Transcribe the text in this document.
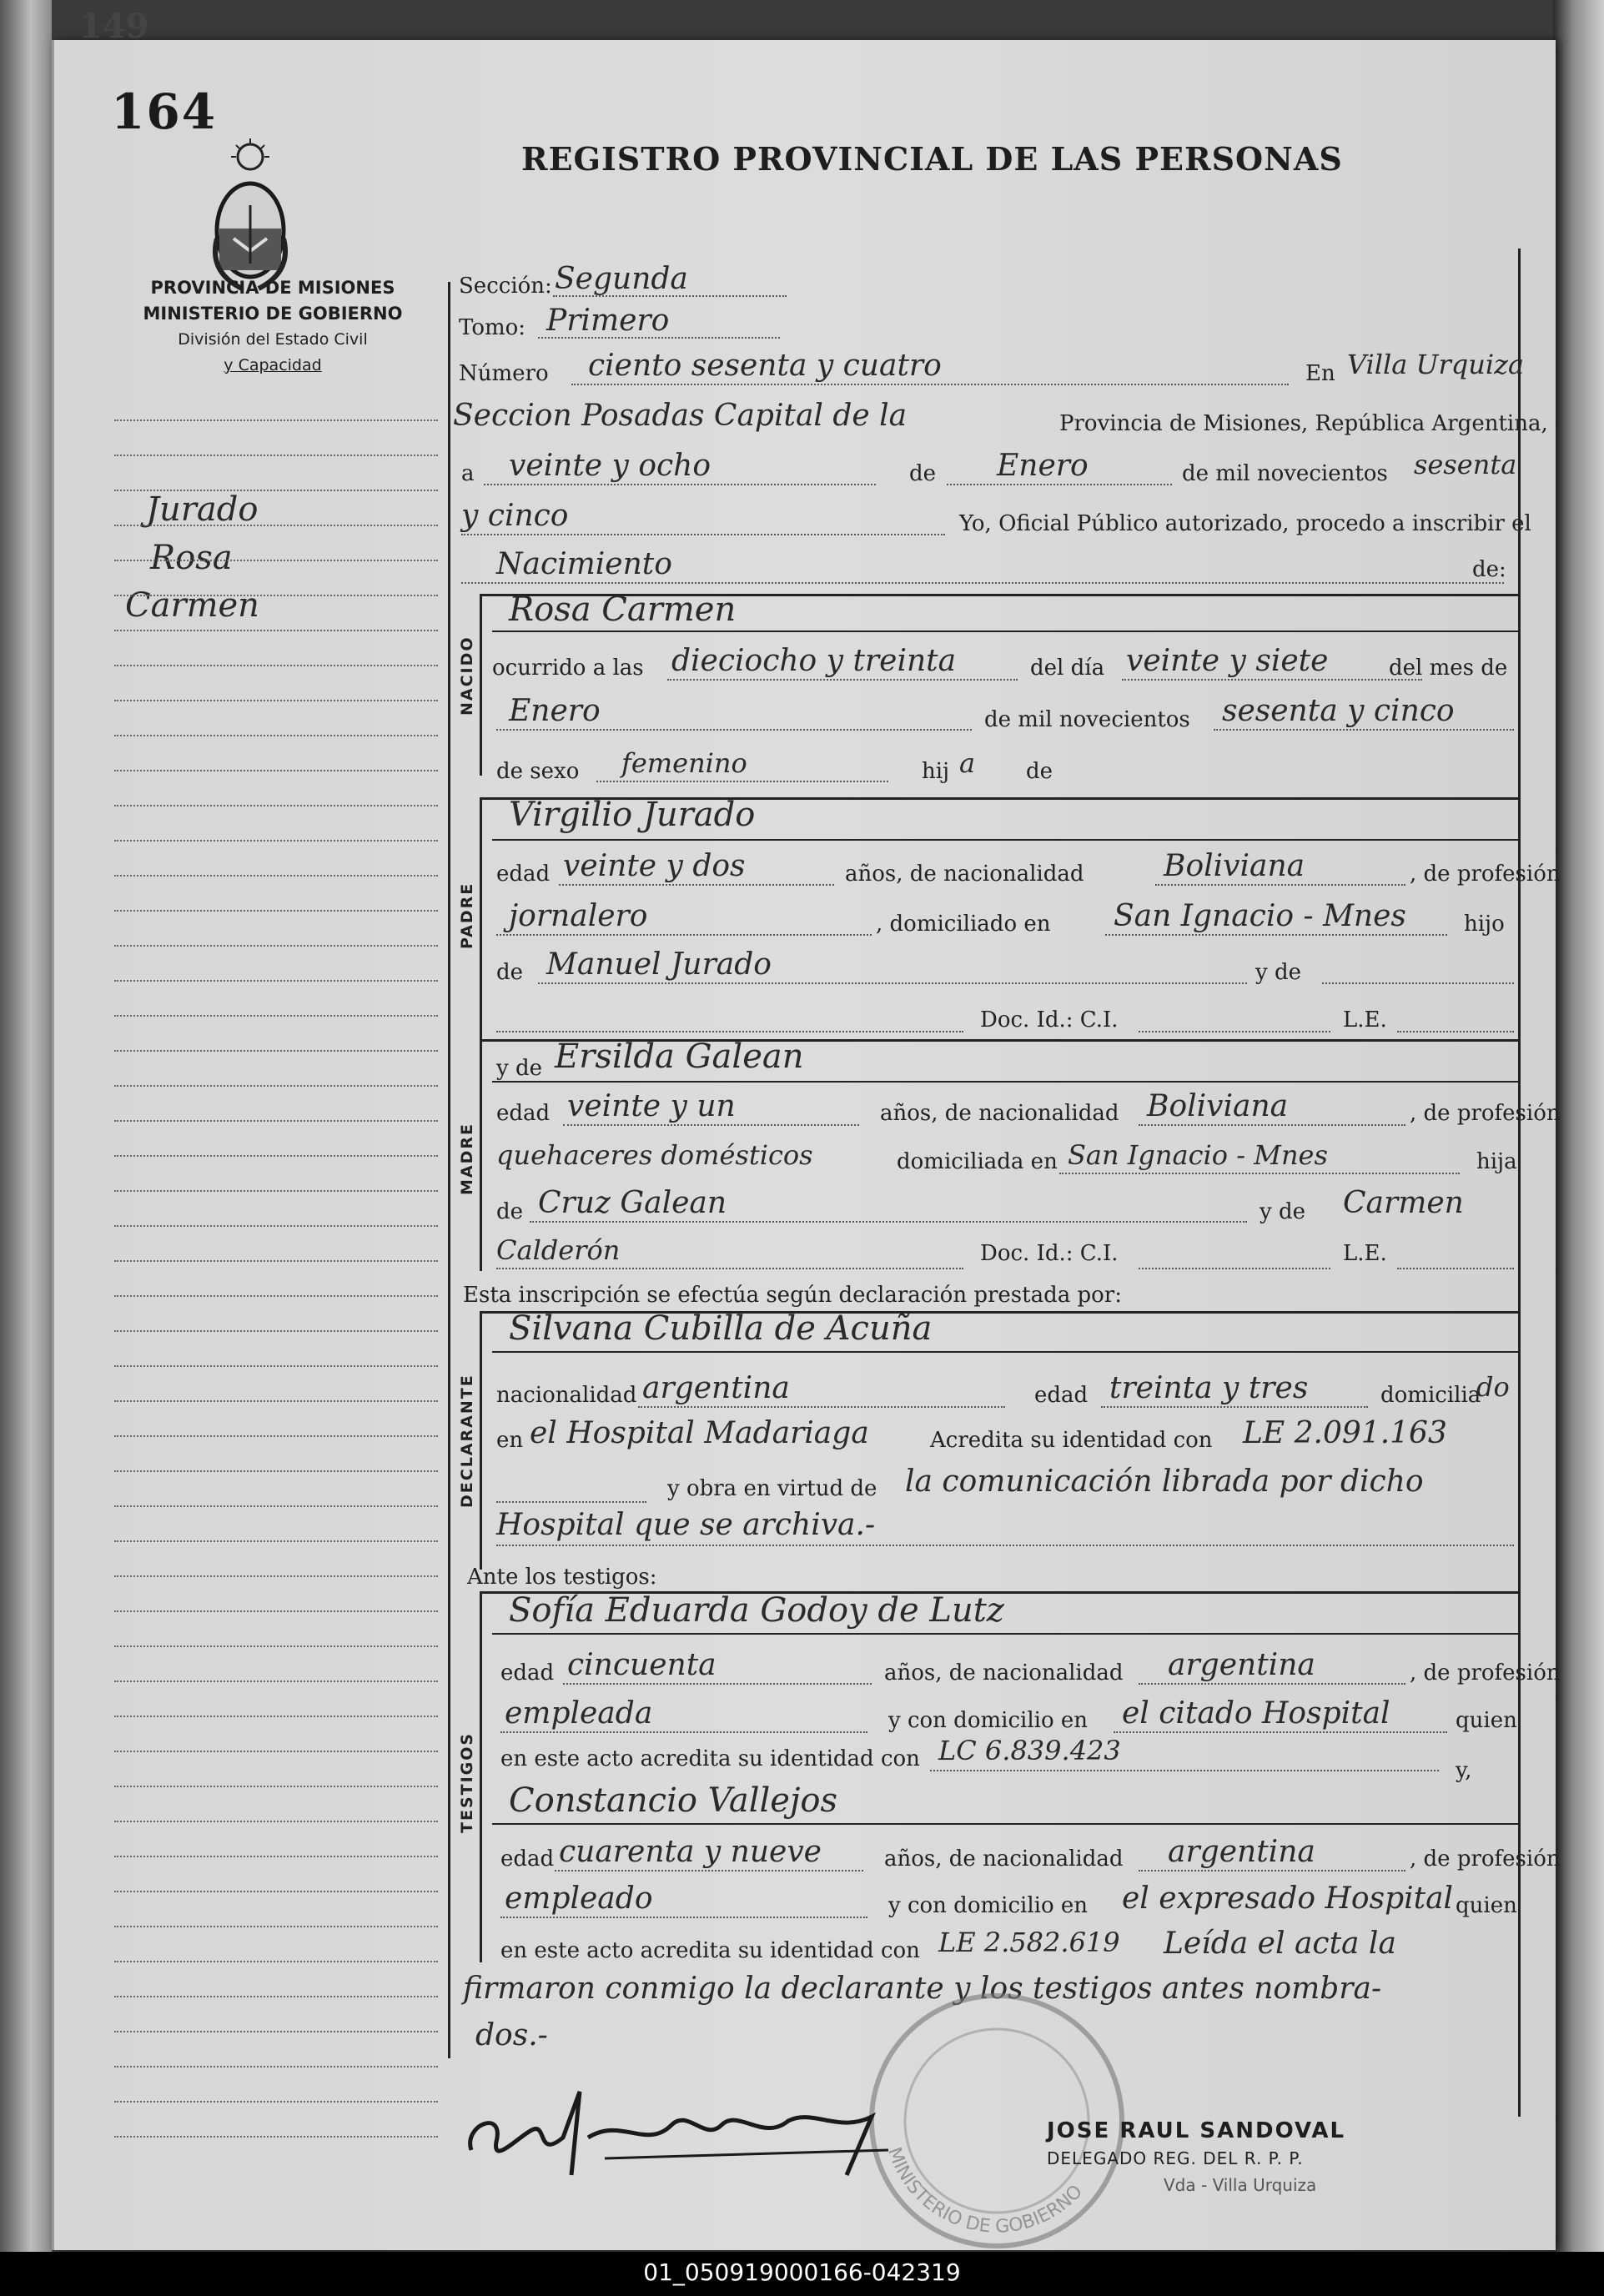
149
164
PROVINCIA DE MISIONES
MINISTERIO DE GOBIERNO
División del Estado Civil
y Capacidad
REGISTRO PROVINCIAL DE LAS PERSONAS
Jurado
Rosa
Carmen
Sección: Segunda
Tomo: Primero
Número ciento sesenta y cuatro	En Villa Urquiza
Seccion Posadas Capital de la	Provincia de Misiones, República Argentina,
a veinte y ocho	de Enero	de mil novecientos sesenta
y cinco	Yo, Oficial Público autorizado, procedo a inscribir el
Nacimiento	de:
NACIDO
Rosa Carmen
ocurrido a las dieciocho y treinta	del día veinte y siete	del mes de
Enero	de mil novecientos sesenta y cinco
de sexo femenino	hij a de
PADRE
Virgilio Jurado
edad veinte y dos	años, de nacionalidad	Boliviana	, de profesión
jornalero	, domiciliado en San Ignacio - Mnes	hijo
de Manuel Jurado	y de
Doc. Id.: C.I.	L.E.
MADRE
y de Ersilda Galean
edad veinte y un	años, de nacionalidad Boliviana	, de profesión
quehaceres domésticos	domiciliada en San Ignacio - Mnes	hija
de Cruz Galean	y de Carmen
Calderón	Doc. Id.: C.I.	L.E.
Esta inscripción se efectúa según declaración prestada por:
DECLARANTE
Silvana Cubilla de Acuña
nacionalidad argentina	edad treinta y tres	domicilia
do
en el Hospital Madariaga	Acredita su identidad con LE 2.091.163
y obra en virtud de la comunicación librada por dicho
Hospital que se archiva.-
Ante los testigos:
TESTIGOS
Sofía Eduarda Godoy de Lutz
edad cincuenta	años, de nacionalidad argentina	, de profesión
empleada	y con domicilio en el citado Hospital	quien
en este acto acredita su identidad con LC 6.839.423
y,
Constancio Vallejos
edad cuarenta y nueve	años, de nacionalidad argentina	, de profesión
empleado	y con domicilio en el expresado Hospital quien
en este acto acredita su identidad con LE 2.582.619 Leída el acta la
firmaron conmigo la declarante y los testigos antes nombra-
dos.-
MINISTERIO DE GOBIERNO
JOSE RAUL SANDOVAL
DELEGADO REG. DEL R. P. P.
Vda - Villa Urquiza
01_050919000166-042319
